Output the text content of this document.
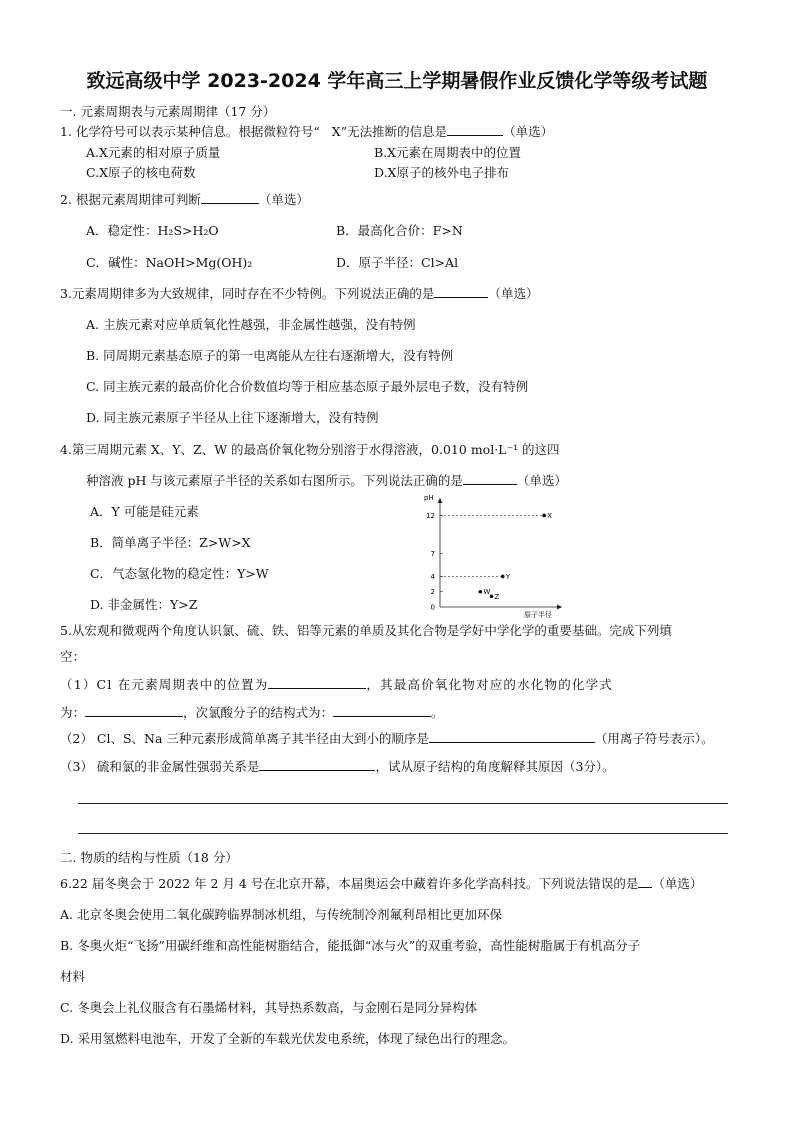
致远高级中学 2023-2024 学年高三上学期暑假作业反馈化学等级考试题
一. 元素周期表与元素周期律（17 分）
1. 化学符号可以表示某种信息。根据微粒符号“ X”无法推断的信息是	（单选）
A.X元素的相对原子质量	B.X元素在周期表中的位置
C.X原子的核电荷数	D.X原子的核外电子排布
2. 根据元素周期律可判断	（单选）
A．稳定性：H₂S>H₂O	B．最高化合价：F>N
C．碱性：NaOH>Mg(OH)₂	D．原子半径：Cl>Al
3.元素周期律多为大致规律，同时存在不少特例。下列说法正确的是	（单选）
A. 主族元素对应单质氧化性越强，非金属性越强，没有特例
B. 同周期元素基态原子的第一电离能从左往右逐渐增大，没有特例
C. 同主族元素的最高价化合价数值均等于相应基态原子最外层电子数，没有特例
D. 同主族元素原子半径从上往下逐渐增大，没有特例
4.第三周期元素 X、Y、Z、W 的最高价氧化物分别溶于水得溶液，0.010 mol·L⁻¹ 的这四
种溶液 pH 与该元素原子半径的关系如右图所示。下列说法正确的是	（单选）
A．Y 可能是硅元素
B．简单离子半径：Z>W>X
C．气态氢化物的稳定性：Y>W
D. 非金属性：Y>Z
pH
原子半径
0
2
4
7
12	X
Y
W
Z
5.从宏观和微观两个角度认识氯、硫、铁、铝等元素的单质及其化合物是学好中学化学的重要基础。完成下列填
空：
（1）Cl 在元素周期表中的位置为	，其最高价氧化物对应的水化物的化学式
为：	，次氯酸分子的结构式为：	。
（2） Cl、S、Na 三种元素形成简单离子其半径由大到小的顺序是	（用离子符号表示）。
（3） 硫和氯的非金属性强弱关系是	，试从原子结构的角度解释其原因（3分）。
二. 物质的结构与性质（18 分）
6.22 届冬奥会于 2022 年 2 月 4 号在北京开幕，本届奥运会中藏着许多化学高科技。下列说法错误的是 （单选）
A. 北京冬奥会使用二氧化碳跨临界制冰机组，与传统制冷剂氟利昂相比更加环保
B. 冬奥火炬“飞扬”用碳纤维和高性能树脂结合，能抵御“冰与火”的双重考验，高性能树脂属于有机高分子
材料
C. 冬奥会上礼仪服含有石墨烯材料，其导热系数高，与金刚石是同分异构体
D. 采用氢燃料电池车，开发了全新的车载光伏发电系统，体现了绿色出行的理念。
